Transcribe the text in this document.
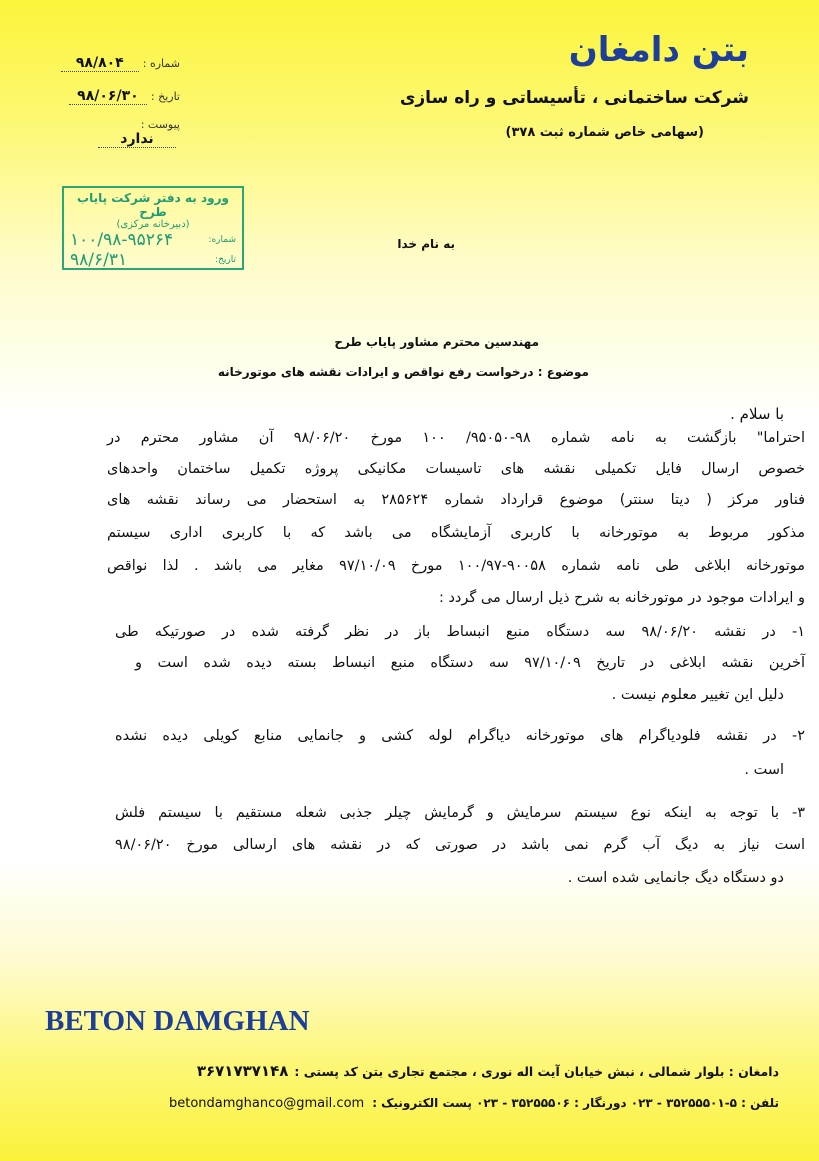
بتن دامغان
شرکت ساختمانی ، تأسیساتی و راه سازی
(سهامی خاص شماره ثبت ۳۷۸)
شماره :۹۸/۸۰۴
تاریخ :۹۸/۰۶/۳۰
پیوست :ندارد
ورود به دفتر شرکت پایاب طرح
(دبیرخانه مرکزی)
شماره:
۱۰۰/۹۸-۹۵۲۶۴
تاریخ:
۹۸/۶/۳۱
به نام خدا
مهندسین محترم مشاور پایاب طرح
موضوع : درخواست رفع نواقص و ایرادات نقشه های موتورخانه
با سلام .
احتراما" بازگشت به نامه شماره ۹۸-۹۵۰۵۰/ ۱۰۰ مورخ ۹۸/۰۶/۲۰ آن مشاور محترم در
خصوص ارسال فایل تکمیلی نقشه های تاسیسات مکانیکی پروژه تکمیل ساختمان واحدهای
فناور مرکز ( دیتا سنتر) موضوع قرارداد شماره ۲۸۵۶۲۴ به استحضار می رساند نقشه های
مذکور مربوط به موتورخانه با کاربری آزمایشگاه می باشد که با کاربری اداری سیستم
موتورخانه ابلاغی طی نامه شماره ۹۰۰۵۸-۱۰۰/۹۷ مورخ ۹۷/۱۰/۰۹ مغایر می باشد . لذا نواقص
و ایرادات موجود در موتورخانه به شرح ذیل ارسال می گردد :
۱- در نقشه ۹۸/۰۶/۲۰ سه دستگاه منبع انبساط باز در نظر گرفته شده در صورتیکه طی
آخرین نقشه ابلاغی در تاریخ ۹۷/۱۰/۰۹ سه دستگاه منبع انبساط بسته دیده شده است و
دلیل این تغییر معلوم نیست .
۲- در نقشه فلودیاگرام های موتورخانه دیاگرام لوله کشی و جانمایی منابع کویلی دیده نشده
است .
۳- با توجه به اینکه نوع سیستم سرمایش و گرمایش چیلر جذبی شعله مستقیم با سیستم فلش
است نیاز به دیگ آب گرم نمی باشد در صورتی که در نقشه های ارسالی مورخ ۹۸/۰۶/۲۰
دو دستگاه دیگ جانمایی شده است .
BETON DAMGHAN
دامغان : بلوار شمالی ، نبش خیابان آیت اله نوری ، مجتمع تجاری بتن کد پستی :۳۶۷۱۷۳۷۱۴۸
تلفن : ۵-۳۵۲۵۵۵۰۱ - ۰۲۳ دورنگار : ۳۵۲۵۵۵۰۶ - ۰۲۳ پست الکترونیک :betondamghanco@gmail.com
